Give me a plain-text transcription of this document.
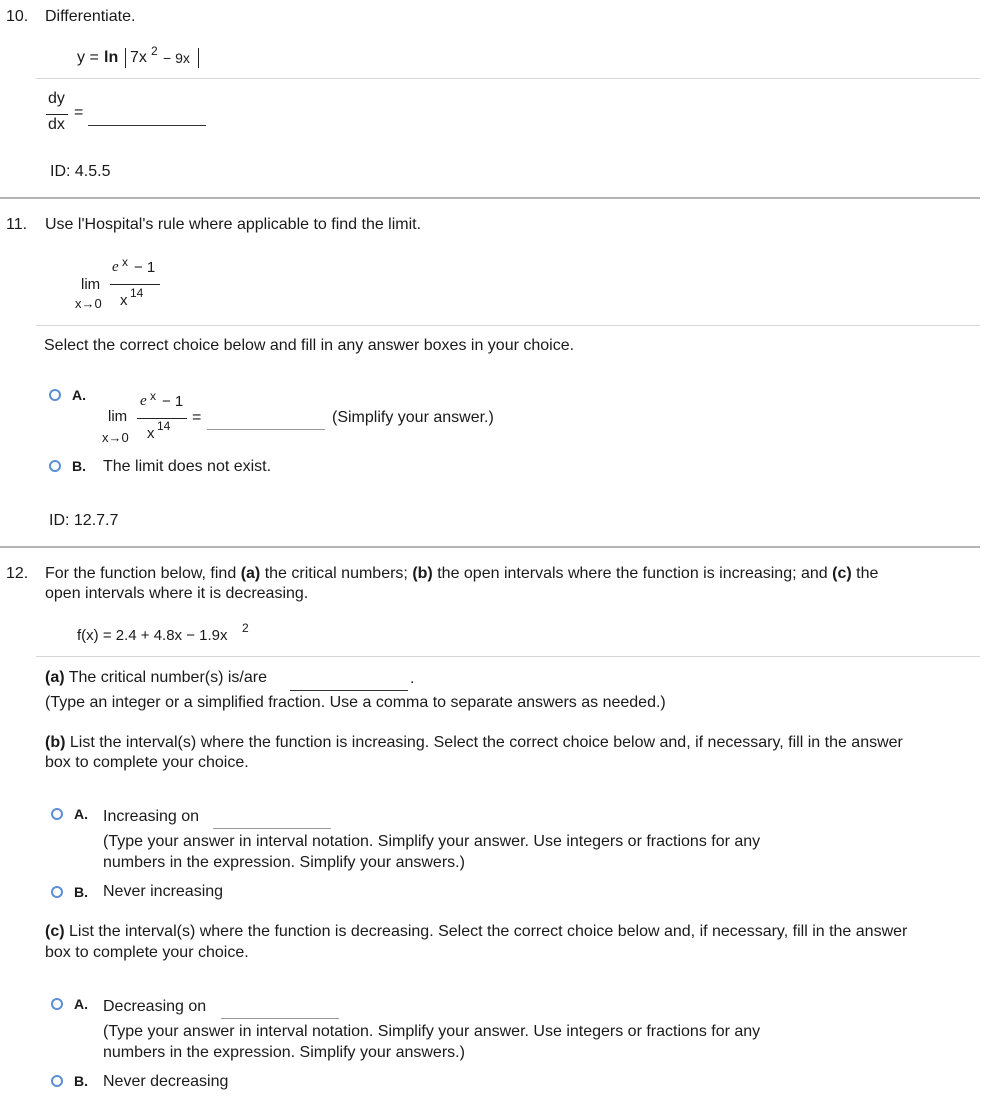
10. Differentiate.
y = ln 7x 2 − 9x
dy
dx
=
ID: 4.5.5
11. Use l'Hospital's rule where applicable to find the limit.
e x − 1
lim
x→0 x 14
Select the correct choice below and fill in any answer boxes in your choice.
A.	e x − 1
lim
x→0 x 14 =	(Simplify your answer.)
B. The limit does not exist.
ID: 12.7.7
12. For the function below, find (a) the critical numbers; (b) the open intervals where the function is increasing; and (c) the
open intervals where it is decreasing.
f(x) = 2.4 + 4.8x − 1.9x 2
(a) The critical number(s) is/are	.
(Type an integer or a simplified fraction. Use a comma to separate answers as needed.)
(b) List the interval(s) where the function is increasing. Select the correct choice below and, if necessary, fill in the answer
box to complete your choice.
A. Increasing on
(Type your answer in interval notation. Simplify your answer. Use integers or fractions for any
numbers in the expression. Simplify your answers.)
B. Never increasing
(c) List the interval(s) where the function is decreasing. Select the correct choice below and, if necessary, fill in the answer
box to complete your choice.
A. Decreasing on
(Type your answer in interval notation. Simplify your answer. Use integers or fractions for any
numbers in the expression. Simplify your answers.)
B. Never decreasing
